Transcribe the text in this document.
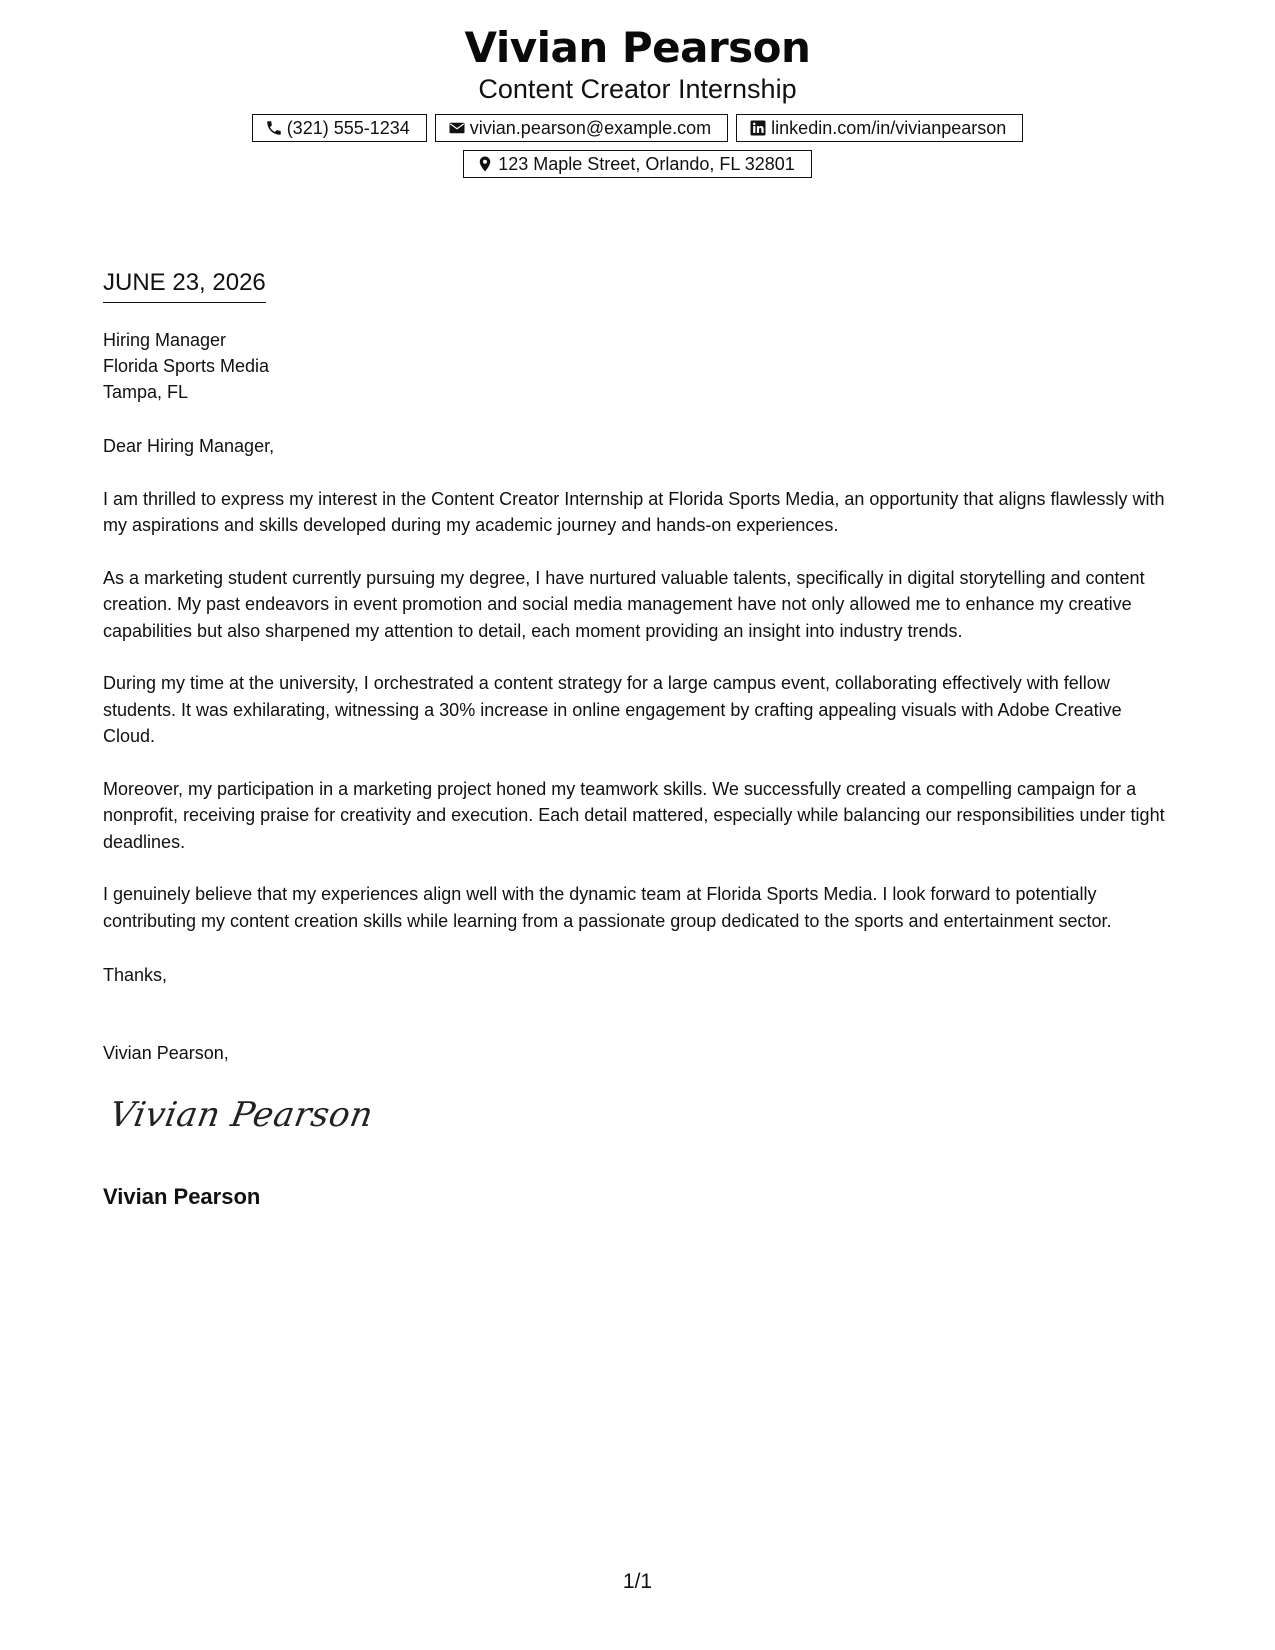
Vivian Pearson
Content Creator Internship
(321) 555-1234	vivian.pearson@example.com	linkedin.com/in/vivianpearson
123 Maple Street, Orlando, FL 32801
JUNE 23, 2026
Hiring Manager
Florida Sports Media
Tampa, FL

Dear Hiring Manager,

I am thrilled to express my interest in the Content Creator Internship at Florida Sports Media, an opportunity that aligns flawlessly with my aspirations and skills developed during my academic journey and hands-on experiences.

As a marketing student currently pursuing my degree, I have nurtured valuable talents, specifically in digital storytelling and content creation. My past endeavors in event promotion and social media management have not only allowed me to enhance my creative capabilities but also sharpened my attention to detail, each moment providing an insight into industry trends.

During my time at the university, I orchestrated a content strategy for a large campus event, collaborating effectively with fellow students. It was exhilarating, witnessing a 30% increase in online engagement by crafting appealing visuals with Adobe Creative Cloud.

Moreover, my participation in a marketing project honed my teamwork skills. We successfully created a compelling campaign for a nonprofit, receiving praise for creativity and execution. Each detail mattered, especially while balancing our responsibilities under tight deadlines.

I genuinely believe that my experiences align well with the dynamic team at Florida Sports Media. I look forward to potentially contributing my content creation skills while learning from a passionate group dedicated to the sports and entertainment sector.

Thanks,
Vivian Pearson,
Vivian Pearson
Vivian Pearson
1/1
